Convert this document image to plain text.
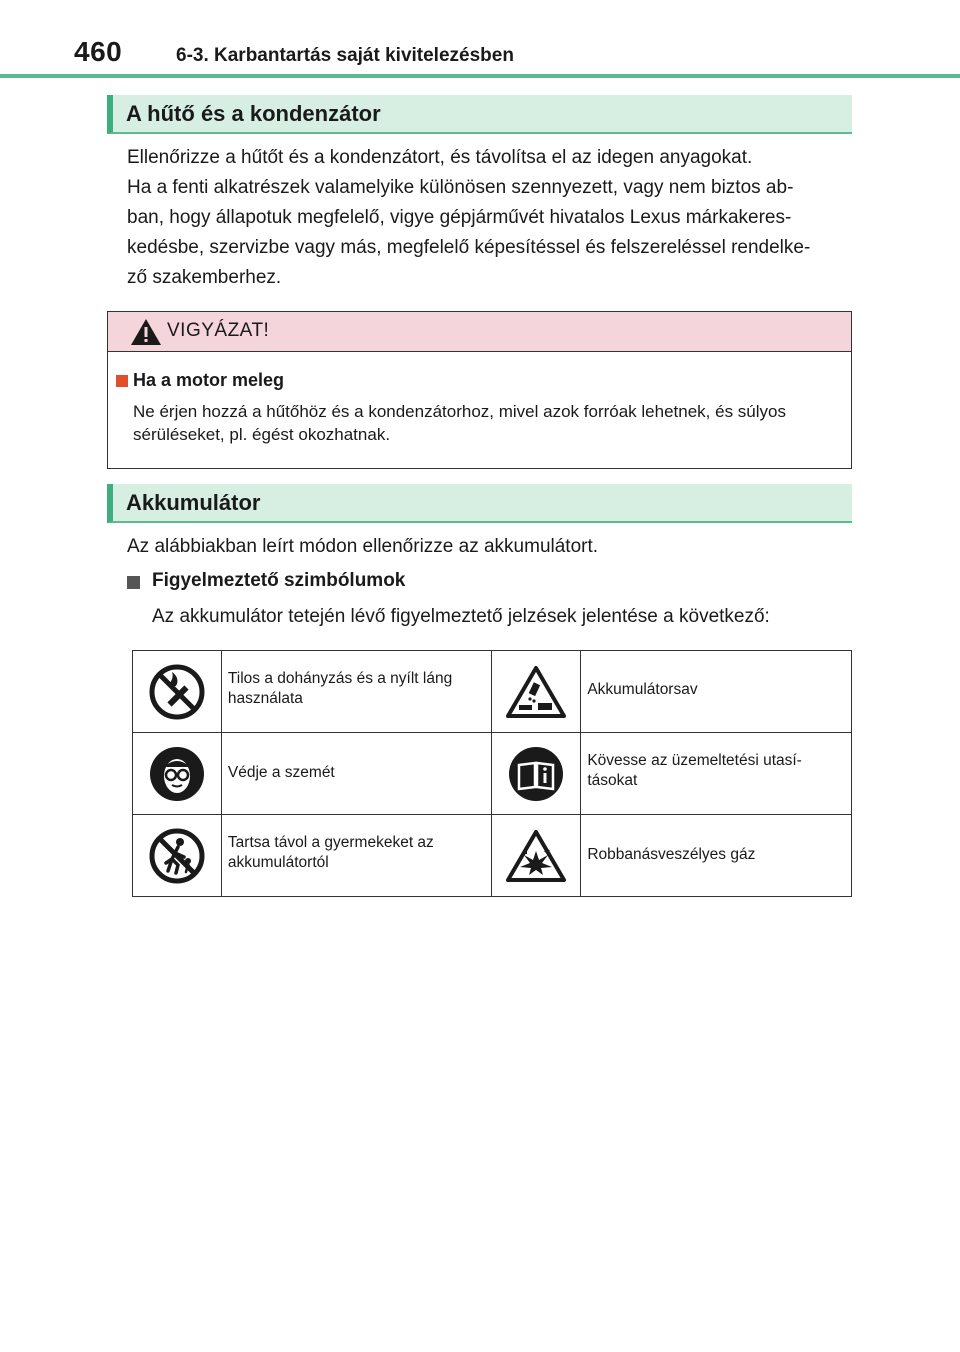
460	6-3. Karbantartás saját kivitelezésben
A hűtő és a kondenzátor
Ellenőrizze a hűtőt és a kondenzátort, és távolítsa el az idegen anyagokat.
Ha a fenti alkatrészek valamelyike különösen szennyezett, vagy nem biztos ab-
ban, hogy állapotuk megfelelő, vigye gépjárművét hivatalos Lexus márkakeres-
kedésbe, szervizbe vagy más, megfelelő képesítéssel és felszereléssel rendelke-
ző szakemberhez.
VIGYÁZAT!
Ha a motor meleg
Ne érjen hozzá a hűtőhöz és a kondenzátorhoz, mivel azok forróak lehetnek, és súlyos
sérüléseket, pl. égést okozhatnak.
Akkumulátor
Az alábbiakban leírt módon ellenőrizze az akkumulátort.
Figyelmeztető szimbólumok
Az akkumulátor tetején lévő figyelmeztető jelzések jelentése a következő:

Tilos a dohányzás és a nyílt láng
használata		Akkumulátorsav

Védje a szemét		Kövesse az üzemeltetési utasí-
tásokat

Tartsa távol a gyermekeket az
akkumulátortól		Robbanásveszélyes gáz
